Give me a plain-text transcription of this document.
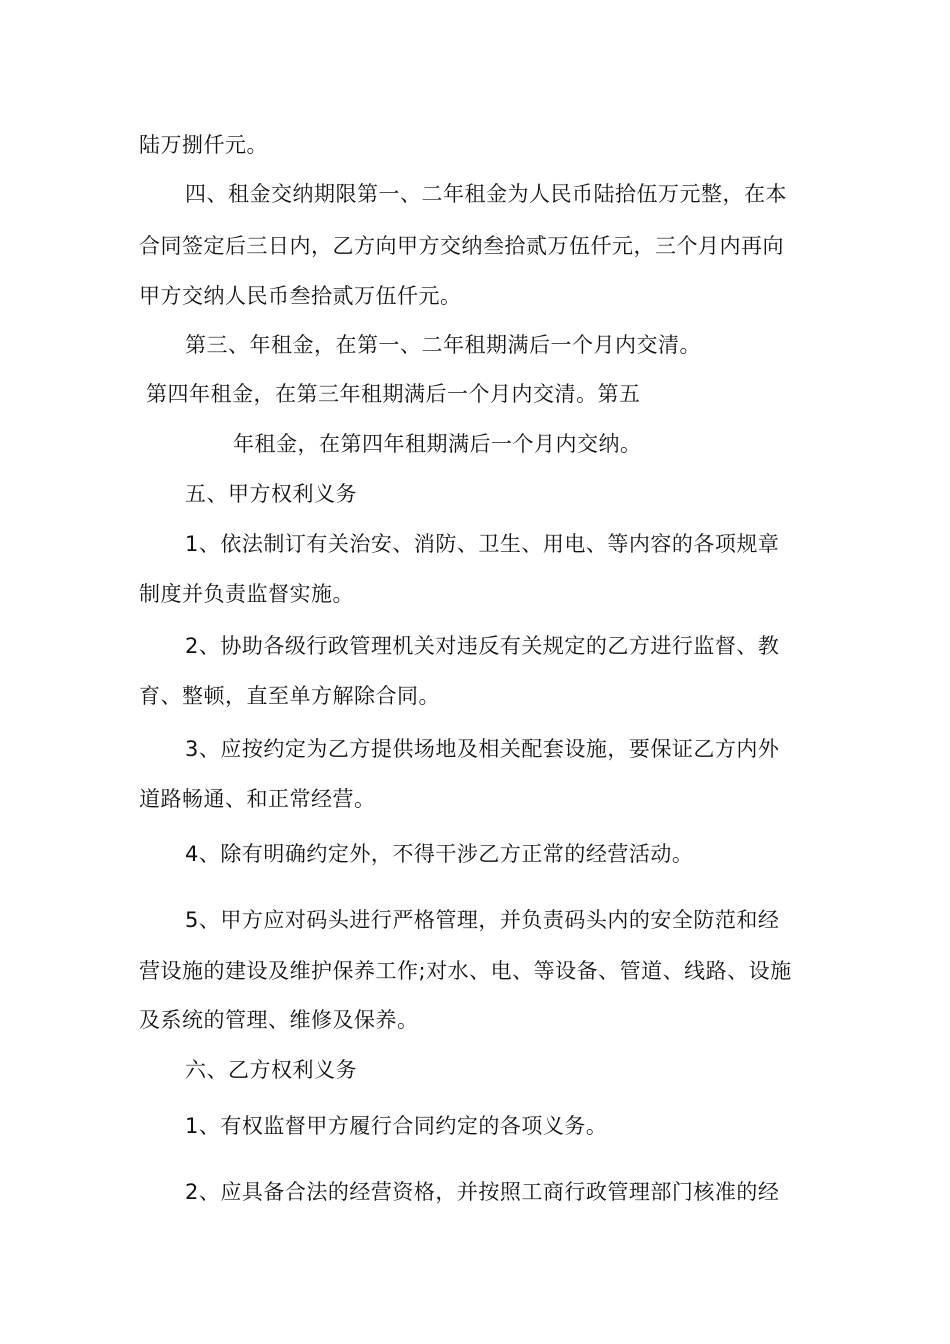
陆万捌仟元。
四、租金交纳期限第一、二年租金为人民币陆拾伍万元整，在本
合同签定后三日内，乙方向甲方交纳叁拾贰万伍仟元，三个月内再向
甲方交纳人民币叁拾贰万伍仟元。
第三、年租金，在第一、二年租期满后一个月内交清。
第四年租金，在第三年租期满后一个月内交清。第五
年租金，在第四年租期满后一个月内交纳。
五、甲方权利义务
1、依法制订有关治安、消防、卫生、用电、等内容的各项规章
制度并负责监督实施。
2、协助各级行政管理机关对违反有关规定的乙方进行监督、教
育、整顿，直至单方解除合同。
3、应按约定为乙方提供场地及相关配套设施，要保证乙方内外
道路畅通、和正常经营。
4、除有明确约定外，不得干涉乙方正常的经营活动。
5、甲方应对码头进行严格管理，并负责码头内的安全防范和经
营设施的建设及维护保养工作;对水、电、等设备、管道、线路、设施
及系统的管理、维修及保养。
六、乙方权利义务
1、有权监督甲方履行合同约定的各项义务。
2、应具备合法的经营资格，并按照工商行政管理部门核准的经
